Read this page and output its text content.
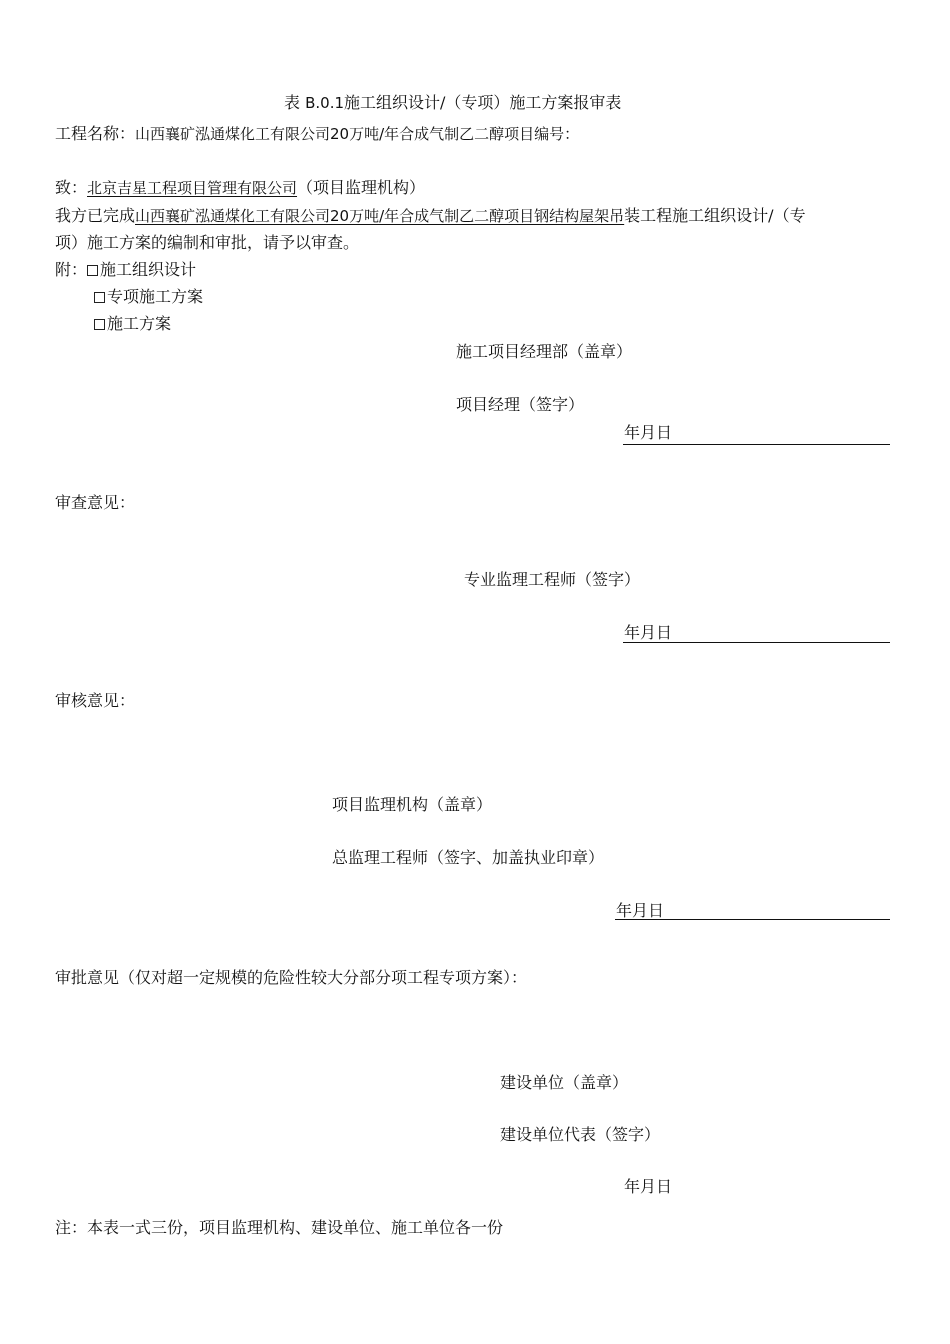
表 B.0.1施工组织设计/（专项）施工方案报审表
工程名称：山西襄矿泓通煤化工有限公司20万吨/年合成气制乙二醇项目编号：
致：北京吉星工程项目管理有限公司（项目监理机构）
我方已完成山西襄矿泓通煤化工有限公司20万吨/年合成气制乙二醇项目钢结构屋架吊装工程施工组织设计/（专
项）施工方案的编制和审批，请予以审查。
附： 施工组织设计
专项施工方案
施工方案
施工项目经理部（盖章）
项目经理（签字）
年月日
审查意见：
专业监理工程师（签字）
年月日
审核意见：
项目监理机构（盖章）
总监理工程师（签字、加盖执业印章）
年月日
审批意见（仅对超一定规模的危险性较大分部分项工程专项方案）：
建设单位（盖章）
建设单位代表（签字）
年月日
注：本表一式三份，项目监理机构、建设单位、施工单位各一份
